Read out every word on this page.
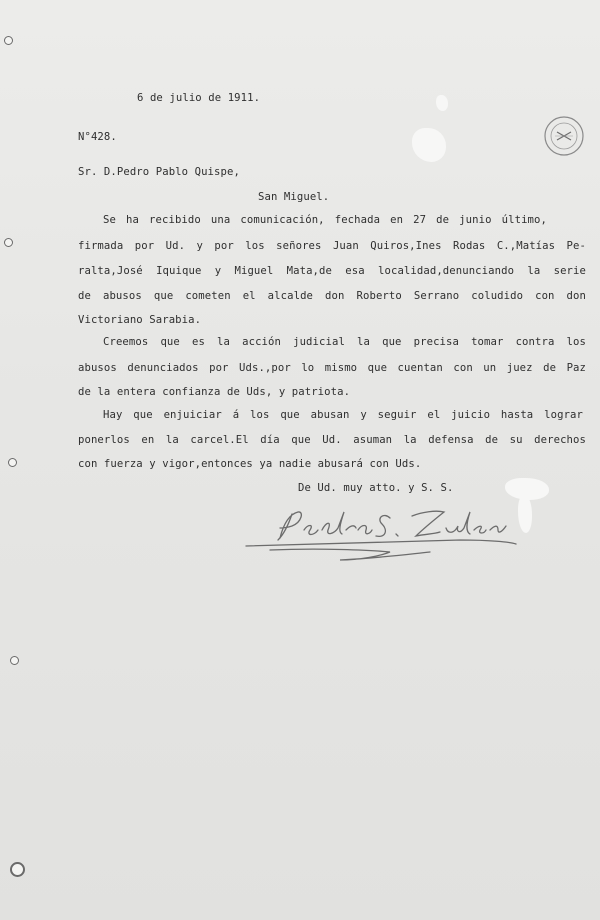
6 de julio de 1911.
N°428.
Sr. D.Pedro Pablo Quispe,
San Miguel.
Se ha recibido una comunicación, fechada en 27 de junio último,
firmada por Ud. y por los señores Juan Quiros,Ines Rodas C.,Matías Pe-
ralta,José Iquique y Miguel Mata,de esa localidad,denunciando la serie
de abusos que cometen el alcalde don Roberto Serrano coludido con don
Victoriano Sarabia.
Creemos que es la acción judicial la que precisa tomar contra los
abusos denunciados por Uds.,por lo mismo que cuentan con un juez de Paz
de la entera confianza de Uds, y patriota.
Hay que enjuiciar á los que abusan y seguir el juicio hasta lograr
ponerlos en la carcel.El día que Ud. asuman la defensa de su derechos
con fuerza y vigor,entonces ya nadie abusará con Uds.
De Ud. muy atto. y S. S.
